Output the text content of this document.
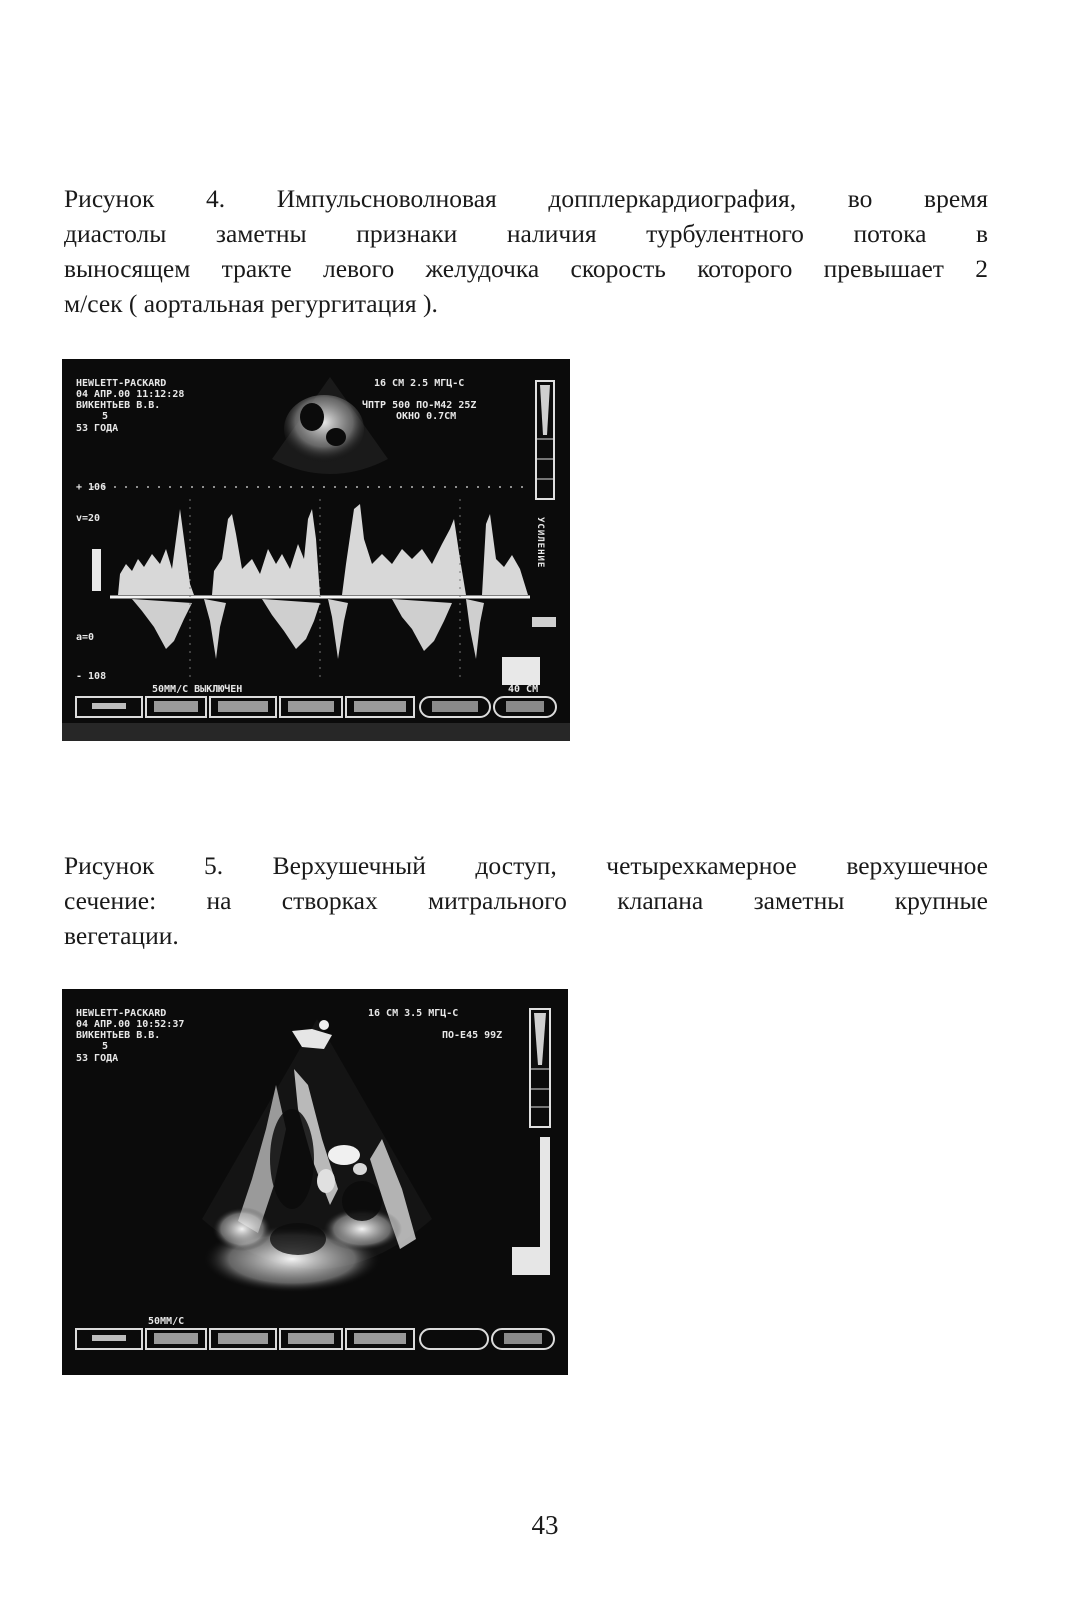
Рисунок 4. Импульсноволновая допплеркардиография, во время
диастолы заметны признаки наличия турбулентного потока в
выносящем тракте левого желудочка скорость которого превышает 2
м/сек ( аортальная регургитация ).
HEWLETT-PACKARD
04 АПР.00 11:12:28
ВИКЕНТЬЕВ В.В.
5
53 ГОДА
16 СМ 2.5 МГЦ-С
ЧПТР 500 ПО-М42 25Z
ОКНО 0.7СМ
+ 106
v=20
a=0
УСИЛЕНИЕ
- 108
50ММ/С ВЫКЛЮЧЕН	40 СМ
Рисунок 5. Верхушечный доступ, четырехкамерное верхушечное
сечение: на створках митрального клапана заметны крупные
вегетации.
HEWLETT-PACKARD
04 АПР.00 10:52:37
ВИКЕНТЬЕВ В.В.
5
53 ГОДА
16 СМ 3.5 МГЦ-С
ПО-Е45 99Z
50ММ/С
43
